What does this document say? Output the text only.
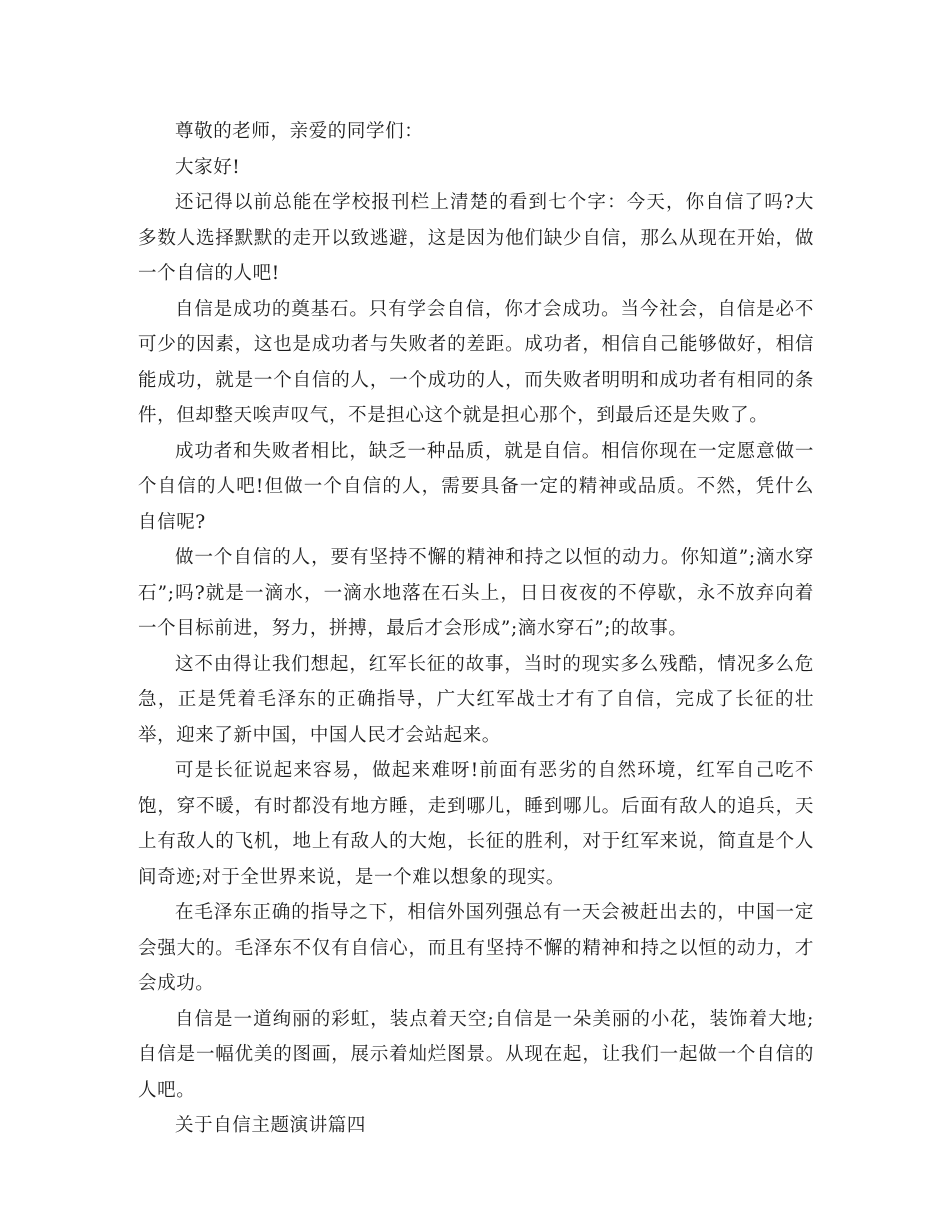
尊敬的老师，亲爱的同学们：

大家好!

还记得以前总能在学校报刊栏上清楚的看到七个字：今天，你自信了吗?大多数人选择默默的走开以致逃避，这是因为他们缺少自信，那么从现在开始，做一个自信的人吧!

自信是成功的奠基石。只有学会自信，你才会成功。当今社会，自信是必不可少的因素，这也是成功者与失败者的差距。成功者，相信自己能够做好，相信能成功，就是一个自信的人，一个成功的人，而失败者明明和成功者有相同的条件，但却整天唉声叹气，不是担心这个就是担心那个，到最后还是失败了。

成功者和失败者相比，缺乏一种品质，就是自信。相信你现在一定愿意做一个自信的人吧!但做一个自信的人，需要具备一定的精神或品质。不然，凭什么自信呢?

做一个自信的人，要有坚持不懈的精神和持之以恒的动力。你知道”;滴水穿石”;吗?就是一滴水，一滴水地落在石头上，日日夜夜的不停歇，永不放弃向着一个目标前进，努力，拼搏，最后才会形成”;滴水穿石”;的故事。

这不由得让我们想起，红军长征的故事，当时的现实多么残酷，情况多么危急，正是凭着毛泽东的正确指导，广大红军战士才有了自信，完成了长征的壮举，迎来了新中国，中国人民才会站起来。

可是长征说起来容易，做起来难呀!前面有恶劣的自然环境，红军自己吃不饱，穿不暖，有时都没有地方睡，走到哪儿，睡到哪儿。后面有敌人的追兵，天上有敌人的飞机，地上有敌人的大炮，长征的胜利，对于红军来说，简直是个人间奇迹;对于全世界来说，是一个难以想象的现实。

在毛泽东正确的指导之下，相信外国列强总有一天会被赶出去的，中国一定会强大的。毛泽东不仅有自信心，而且有坚持不懈的精神和持之以恒的动力，才会成功。

自信是一道绚丽的彩虹，装点着天空;自信是一朵美丽的小花，装饰着大地;自信是一幅优美的图画，展示着灿烂图景。从现在起，让我们一起做一个自信的人吧。

关于自信主题演讲篇四
